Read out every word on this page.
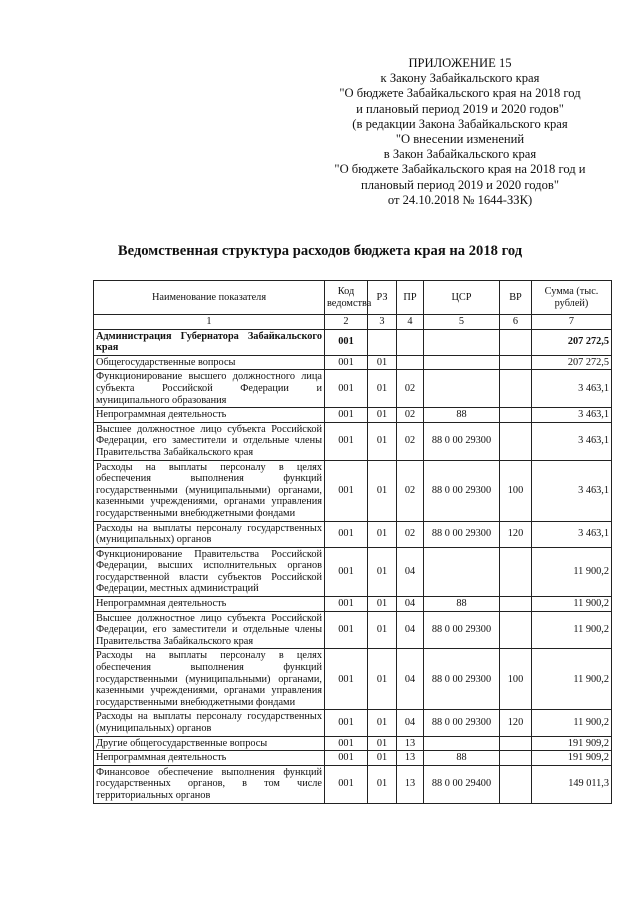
ПРИЛОЖЕНИЕ 15
к Закону Забайкальского края
"О бюджете Забайкальского края на 2018 год
и плановый период 2019 и 2020 годов"
(в редакции Закона Забайкальского края
"О внесении изменений
в Закон Забайкальского края
"О бюджете Забайкальского края на 2018 год и
плановый период 2019 и 2020 годов"
от 24.10.2018 № 1644-ЗЗК)
Ведомственная структура расходов бюджета края на 2018 год
Наименование показателя	Код ведомства	РЗ	ПР	ЦСР	ВР	Сумма (тыс. рублей)
1	2	3	4	5	6	7
Администрация Губернатора Забайкальского края	001					207 272,5
Общегосударственные вопросы	001	01				207 272,5
Функционирование высшего должностного лица субъекта Российской Федерации и муниципального образования	001	01	02			3 463,1
Непрограммная деятельность	001	01	02	88		3 463,1
Высшее должностное лицо субъекта Российской Федерации, его заместители и отдельные члены Правительства Забайкальского края	001	01	02	88 0 00 29300		3 463,1
Расходы на выплаты персоналу в целях обеспечения выполнения функций государственными (муниципальными) органами, казенными учреждениями, органами управления государственными внебюджетными фондами	001	01	02	88 0 00 29300	100	3 463,1
Расходы на выплаты персоналу государственных (муниципальных) органов	001	01	02	88 0 00 29300	120	3 463,1
Функционирование Правительства Российской Федерации, высших исполнительных органов государственной власти субъектов Российской Федерации, местных администраций	001	01	04			11 900,2
Непрограммная деятельность	001	01	04	88		11 900,2
Высшее должностное лицо субъекта Российской Федерации, его заместители и отдельные члены Правительства Забайкальского края	001	01	04	88 0 00 29300		11 900,2
Расходы на выплаты персоналу в целях обеспечения выполнения функций государственными (муниципальными) органами, казенными учреждениями, органами управления государственными внебюджетными фондами	001	01	04	88 0 00 29300	100	11 900,2
Расходы на выплаты персоналу государственных (муниципальных) органов	001	01	04	88 0 00 29300	120	11 900,2
Другие общегосударственные вопросы	001	01	13			191 909,2
Непрограммная деятельность	001	01	13	88		191 909,2
Финансовое обеспечение выполнения функций государственных органов, в том числе территориальных органов	001	01	13	88 0 00 29400		149 011,3
